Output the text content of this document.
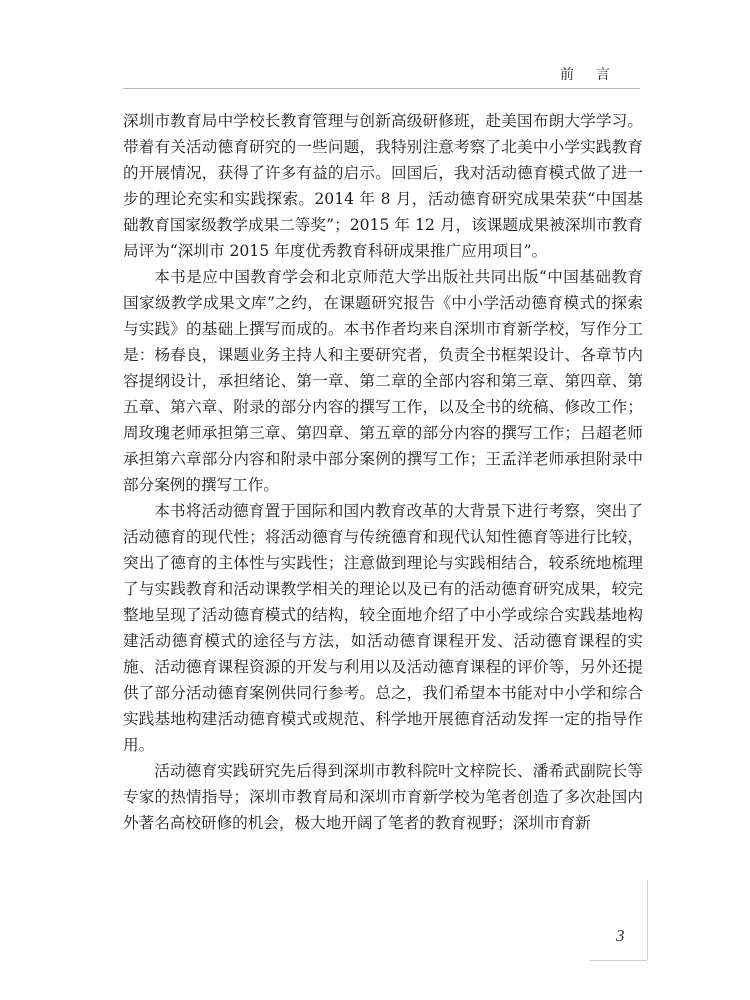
前言

深圳市教育局中学校长教育管理与创新高级研修班，赴美国布朗大学学习。带着有关活动德育研究的一些问题，我特别注意考察了北美中小学实践教育的开展情况，获得了许多有益的启示。回国后，我对活动德育模式做了进一步的理论充实和实践探索。2014 年 8 月，活动德育研究成果荣获“中国基础教育国家级教学成果二等奖”；2015 年 12 月，该课题成果被深圳市教育局评为“深圳市 2015 年度优秀教育科研成果推广应用项目”。

本书是应中国教育学会和北京师范大学出版社共同出版“中国基础教育国家级教学成果文库”之约，在课题研究报告《中小学活动德育模式的探索与实践》的基础上撰写而成的。本书作者均来自深圳市育新学校，写作分工是：杨春良，课题业务主持人和主要研究者，负责全书框架设计、各章节内容提纲设计，承担绪论、第一章、第二章的全部内容和第三章、第四章、第五章、第六章、附录的部分内容的撰写工作，以及全书的统稿、修改工作；周玫瑰老师承担第三章、第四章、第五章的部分内容的撰写工作；吕超老师承担第六章部分内容和附录中部分案例的撰写工作；王孟洋老师承担附录中部分案例的撰写工作。

本书将活动德育置于国际和国内教育改革的大背景下进行考察，突出了活动德育的现代性；将活动德育与传统德育和现代认知性德育等进行比较，突出了德育的主体性与实践性；注意做到理论与实践相结合，较系统地梳理了与实践教育和活动课教学相关的理论以及已有的活动德育研究成果，较完整地呈现了活动德育模式的结构，较全面地介绍了中小学或综合实践基地构建活动德育模式的途径与方法，如活动德育课程开发、活动德育课程的实施、活动德育课程资源的开发与利用以及活动德育课程的评价等，另外还提供了部分活动德育案例供同行参考。总之，我们希望本书能对中小学和综合实践基地构建活动德育模式或规范、科学地开展德育活动发挥一定的指导作用。

活动德育实践研究先后得到深圳市教科院叶文梓院长、潘希武副院长等专家的热情指导；深圳市教育局和深圳市育新学校为笔者创造了多次赴国内外著名高校研修的机会，极大地开阔了笔者的教育视野；深圳市育新

3
